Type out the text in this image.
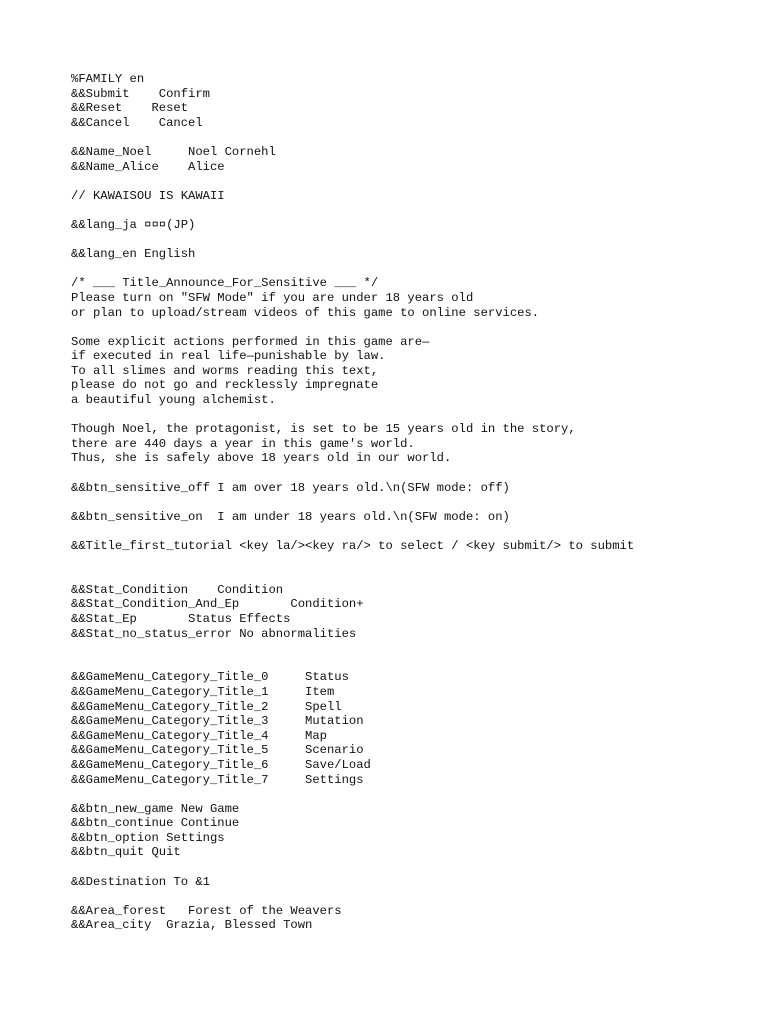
%FAMILY en
&&Submit    Confirm
&&Reset    Reset
&&Cancel    Cancel
&&Name_Noel     Noel Cornehl
&&Name_Alice    Alice
// KAWAISOU IS KAWAII
&&lang_ja ¤¤¤(JP)
&&lang_en English
/* ___ Title_Announce_For_Sensitive ___ */
Please turn on "SFW Mode" if you are under 18 years old
or plan to upload/stream videos of this game to online services.
Some explicit actions performed in this game are—
if executed in real life—punishable by law.
To all slimes and worms reading this text,
please do not go and recklessly impregnate
a beautiful young alchemist.
Though Noel, the protagonist, is set to be 15 years old in the story,
there are 440 days a year in this game's world.
Thus, she is safely above 18 years old in our world.
&&btn_sensitive_off I am over 18 years old.\n(SFW mode: off)
&&btn_sensitive_on  I am under 18 years old.\n(SFW mode: on)
&&Title_first_tutorial <key la/><key ra/> to select / <key submit/> to submit
&&Stat_Condition    Condition
&&Stat_Condition_And_Ep       Condition+
&&Stat_Ep       Status Effects
&&Stat_no_status_error No abnormalities
&&GameMenu_Category_Title_0     Status
&&GameMenu_Category_Title_1     Item
&&GameMenu_Category_Title_2     Spell
&&GameMenu_Category_Title_3     Mutation
&&GameMenu_Category_Title_4     Map
&&GameMenu_Category_Title_5     Scenario
&&GameMenu_Category_Title_6     Save/Load
&&GameMenu_Category_Title_7     Settings
&&btn_new_game New Game
&&btn_continue Continue
&&btn_option Settings
&&btn_quit Quit
&&Destination To &1
&&Area_forest   Forest of the Weavers
&&Area_city  Grazia, Blessed Town
